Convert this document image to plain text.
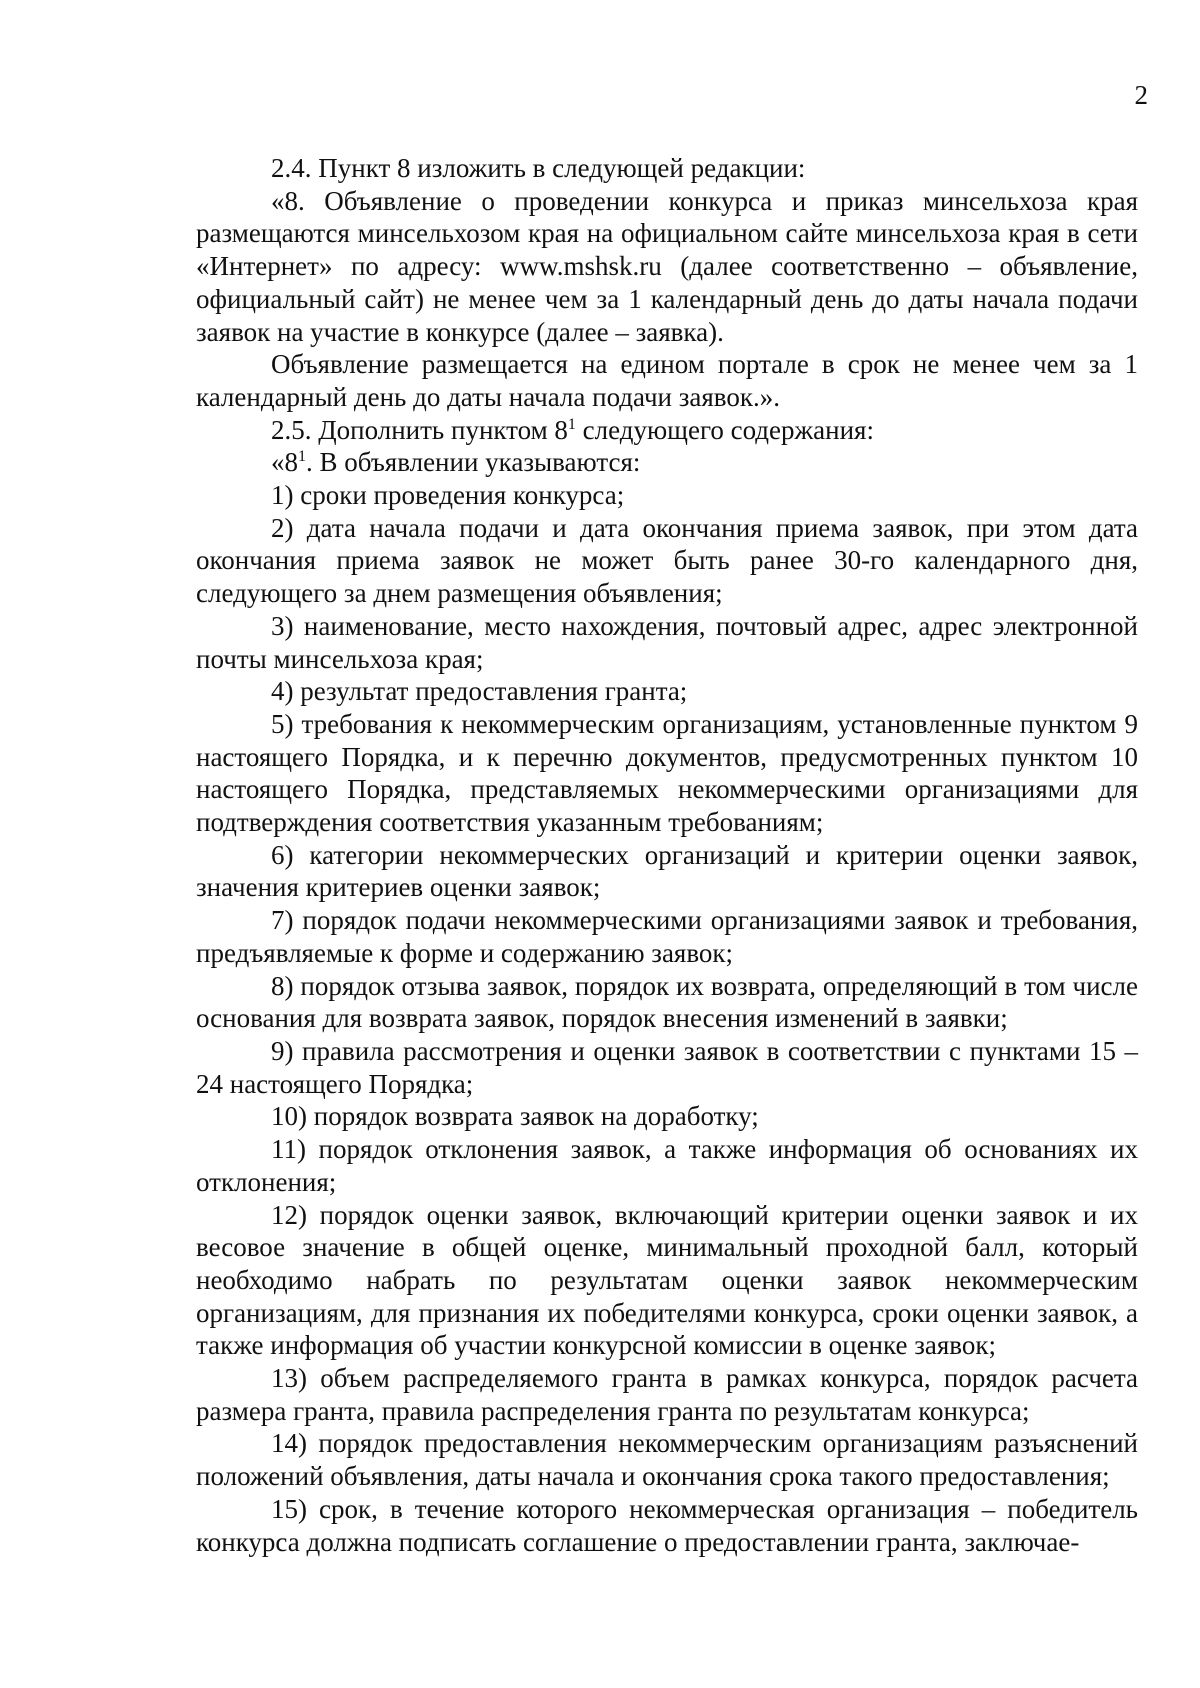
2

2.4. Пункт 8 изложить в следующей редакции:

«8. Объявление о проведении конкурса и приказ минсельхоза края размещаются минсельхозом края на официальном сайте минсельхоза края в сети «Интернет» по адресу: www.mshsk.ru (далее соответственно – объявление, официальный сайт) не менее чем за 1 календарный день до даты начала подачи заявок на участие в конкурсе (далее – заявка).

Объявление размещается на едином портале в срок не менее чем за 1 календарный день до даты начала подачи заявок.».

2.5. Дополнить пунктом $8^1$ следующего содержания:

«$8^1$. В объявлении указываются:

1) сроки проведения конкурса;

2) дата начала подачи и дата окончания приема заявок, при этом дата окончания приема заявок не может быть ранее 30-го календарного дня, следующего за днем размещения объявления;

3) наименование, место нахождения, почтовый адрес, адрес электронной почты минсельхоза края;

4) результат предоставления гранта;

5) требования к некоммерческим организациям, установленные пунктом 9 настоящего Порядка, и к перечню документов, предусмотренных пунктом 10 настоящего Порядка, представляемых некоммерческими организациями для подтверждения соответствия указанным требованиям;

6) категории некоммерческих организаций и критерии оценки заявок, значения критериев оценки заявок;

7) порядок подачи некоммерческими организациями заявок и требования, предъявляемые к форме и содержанию заявок;

8) порядок отзыва заявок, порядок их возврата, определяющий в том числе основания для возврата заявок, порядок внесения изменений в заявки;

9) правила рассмотрения и оценки заявок в соответствии с пунктами 15 – 24 настоящего Порядка;

10) порядок возврата заявок на доработку;

11) порядок отклонения заявок, а также информация об основаниях их отклонения;

12) порядок оценки заявок, включающий критерии оценки заявок и их весовое значение в общей оценке, минимальный проходной балл, который необходимо набрать по результатам оценки заявок некоммерческим организациям, для признания их победителями конкурса, сроки оценки заявок, а также информация об участии конкурсной комиссии в оценке заявок;

13) объем распределяемого гранта в рамках конкурса, порядок расчета размера гранта, правила распределения гранта по результатам конкурса;

14) порядок предоставления некоммерческим организациям разъяснений положений объявления, даты начала и окончания срока такого предоставления;

15) срок, в течение которого некоммерческая организация – победитель конкурса должна подписать соглашение о предоставлении гранта, заключае-
